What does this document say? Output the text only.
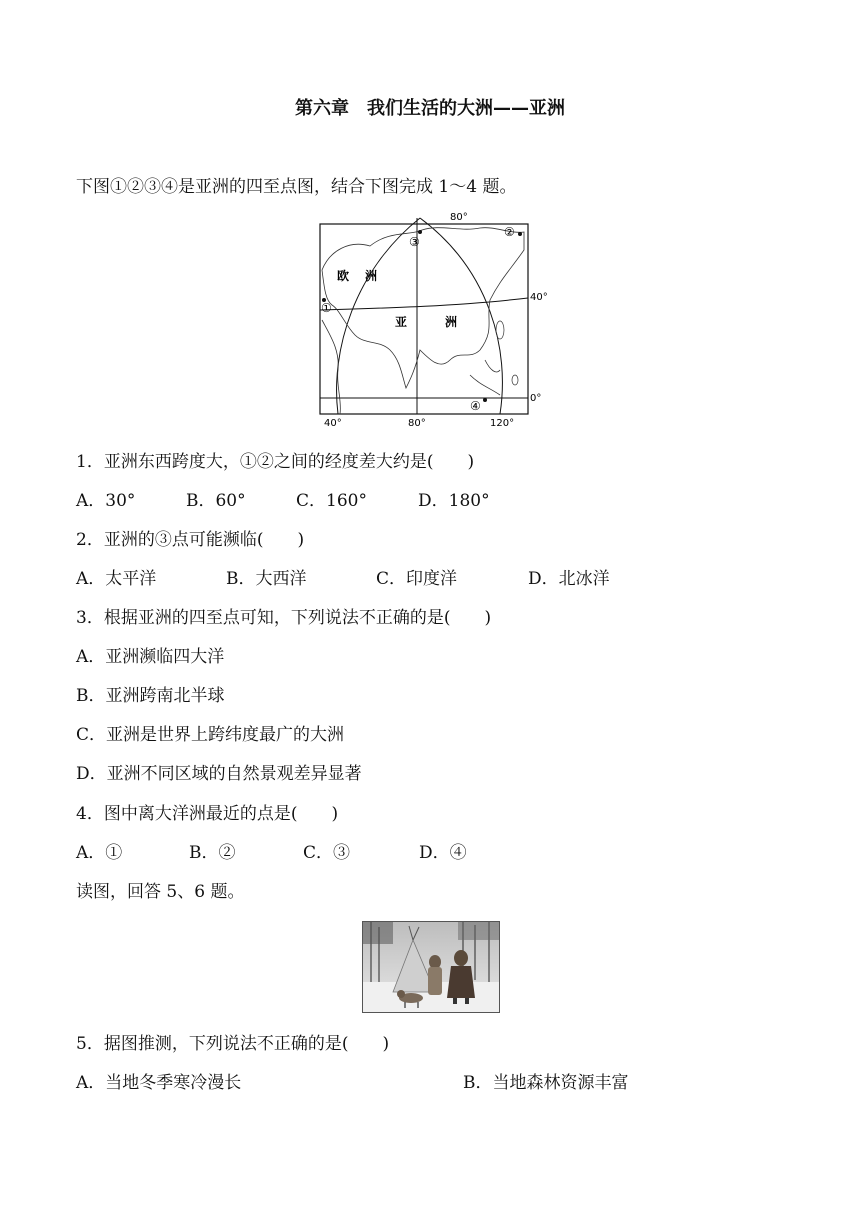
第六章　我们生活的大洲——亚洲
下图①②③④是亚洲的四至点图，结合下图完成 1～4 题。
80°
40°
0°
40°	80°	120°
欧 洲
亚	洲
①
②
③
④
1．亚洲东西跨度大，①②之间的经度差大约是(　　)
A．30°	B．60°	C．160°	D．180°
2．亚洲的③点可能濒临(　　)
A．太平洋	B．大西洋	C．印度洋	D．北冰洋
3．根据亚洲的四至点可知，下列说法不正确的是(　　)
A．亚洲濒临四大洋
B．亚洲跨南北半球
C．亚洲是世界上跨纬度最广的大洲
D．亚洲不同区域的自然景观差异显著
4．图中离大洋洲最近的点是(　　)
A．①	B．②	C．③	D．④
读图，回答 5、6 题。
5．据图推测，下列说法不正确的是(　　)
A．当地冬季寒冷漫长	B．当地森林资源丰富
